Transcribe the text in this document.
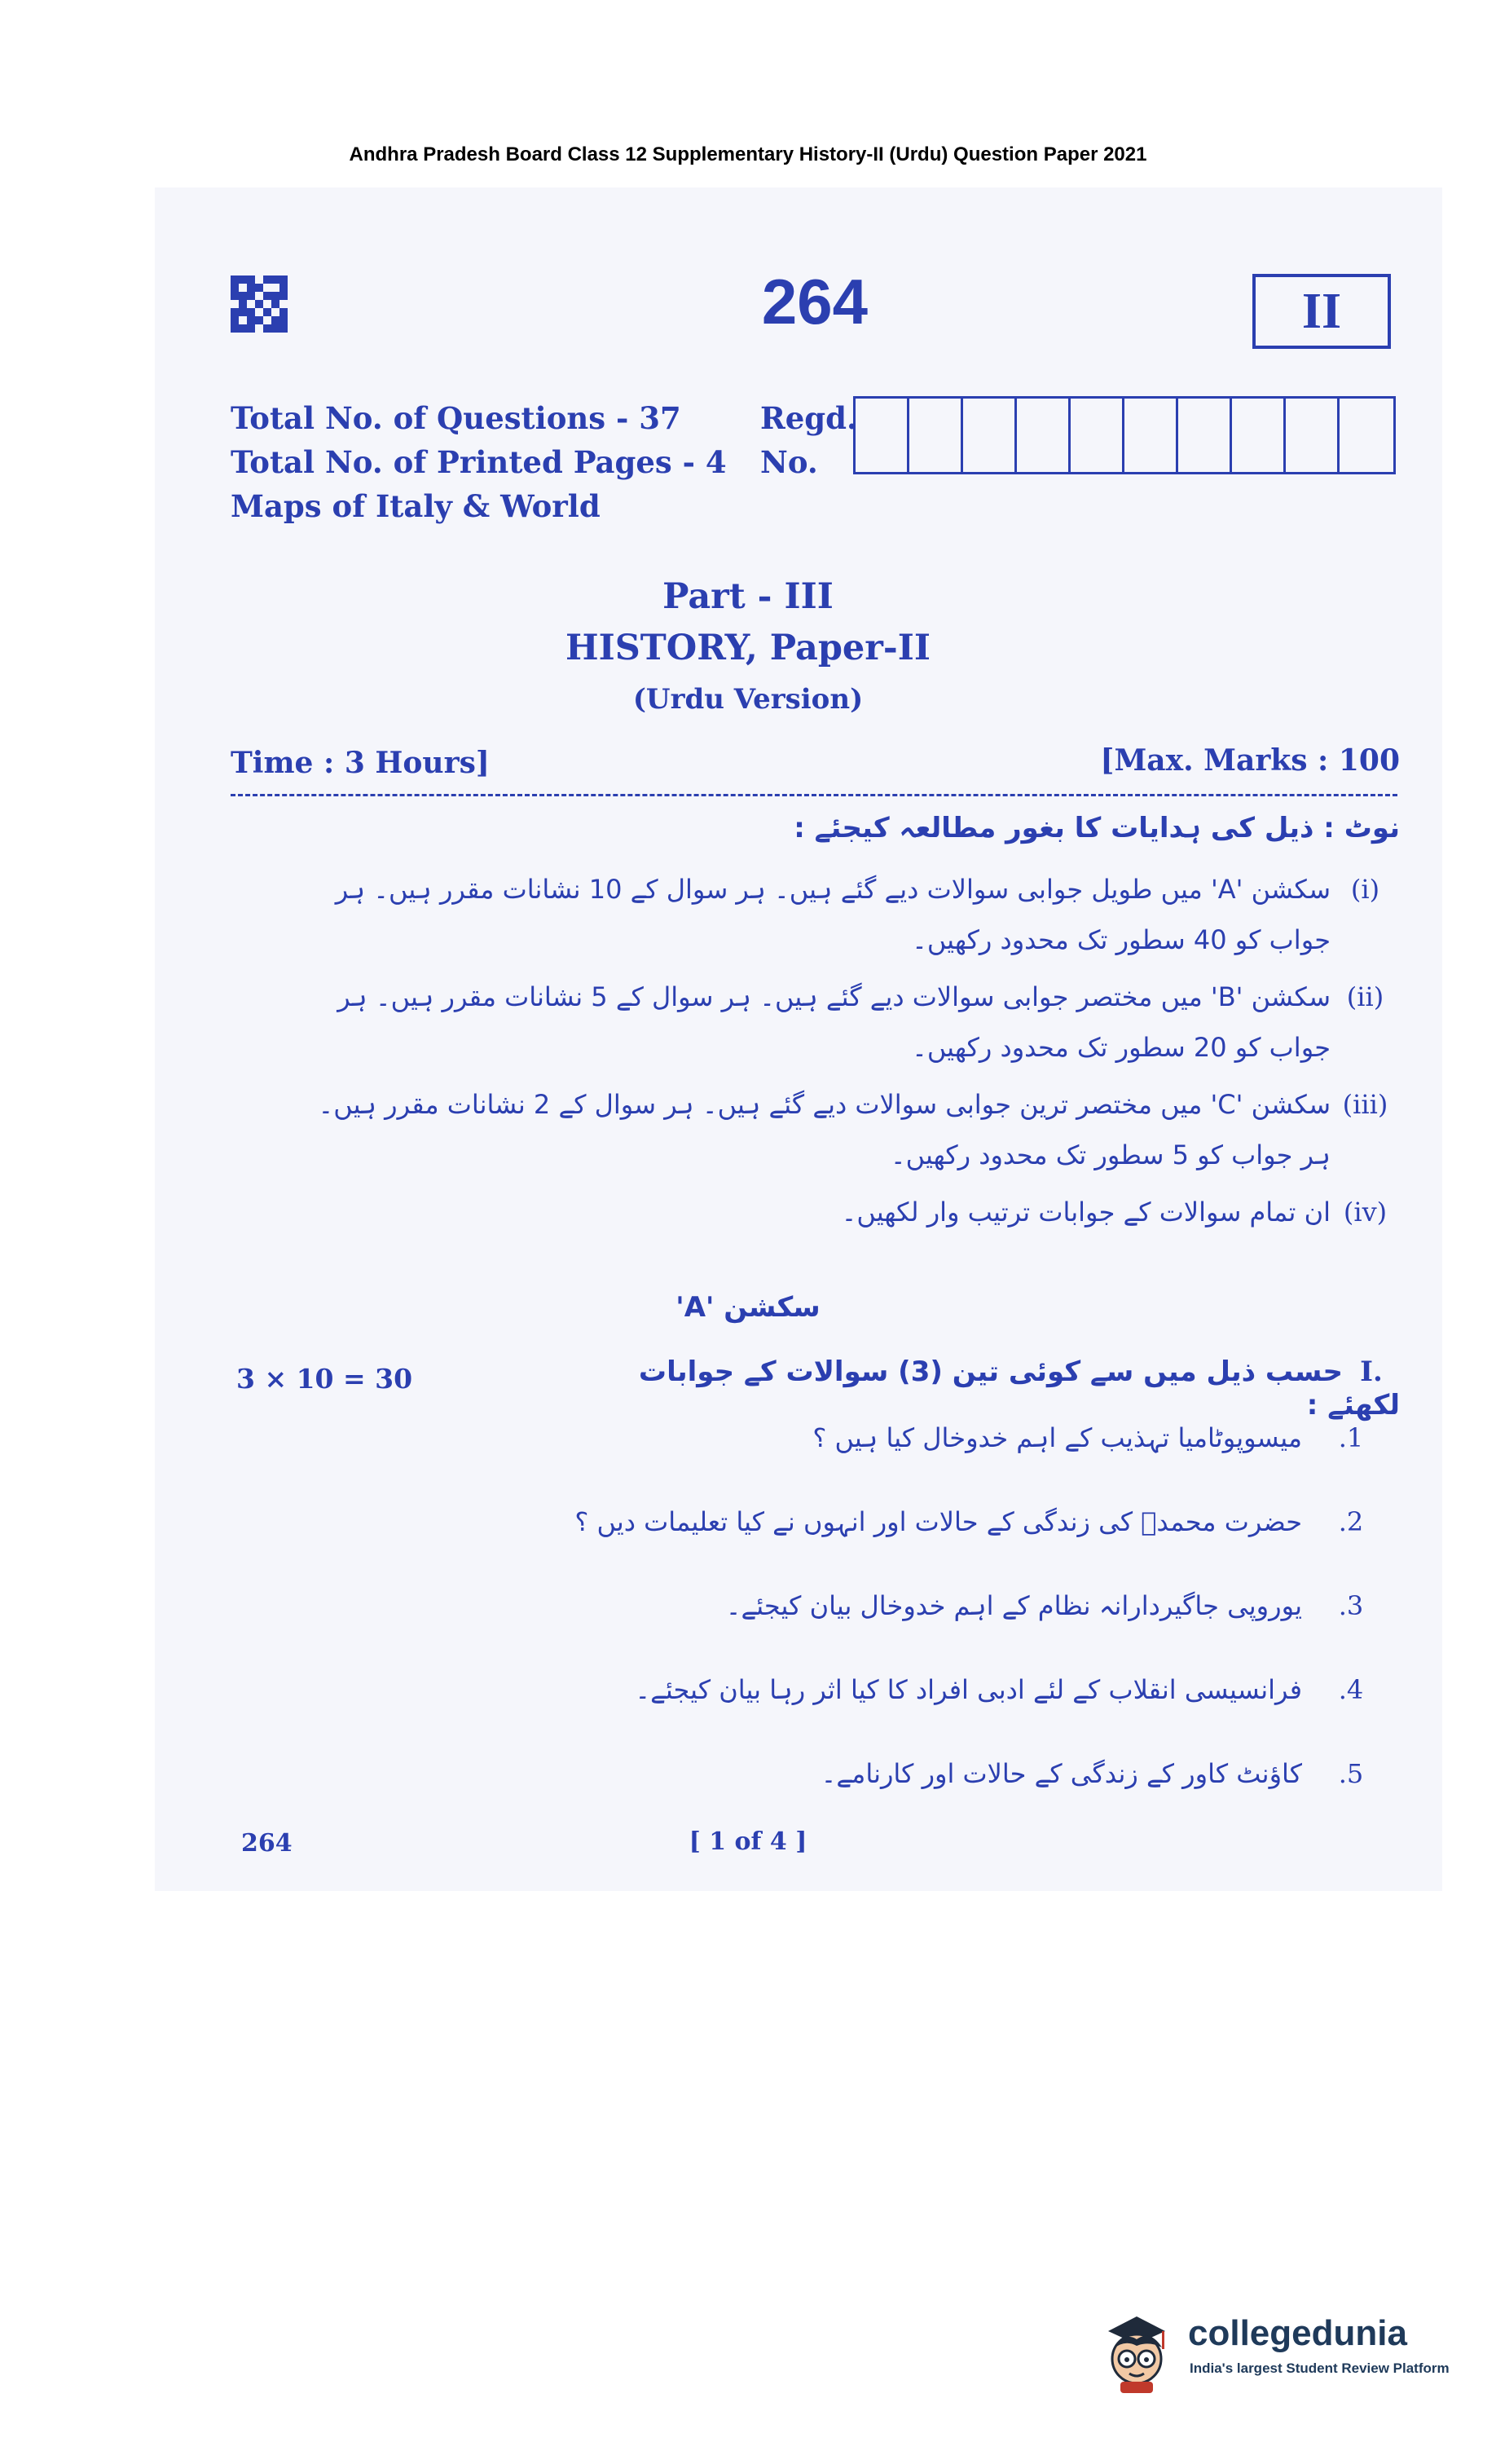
Andhra Pradesh Board Class 12 Supplementary History-II (Urdu) Question Paper 2021
264	II
Total No. of Questions - 37
Total No. of Printed Pages - 4
Maps of Italy & World
Regd.
No.
Part - III
HISTORY, Paper-II
(Urdu Version)
Time : 3 Hours]	[Max. Marks : 100
نوٹ : ذیل کی ہدایات کا بغور مطالعہ کیجئے :
(i)سکشن 'A' میں طویل جوابی سوالات دیے گئے ہیں۔ ہر سوال کے 10 نشانات مقرر ہیں۔ ہر جواب کو 40 سطور تک محدود رکھیں۔
(ii)سکشن 'B' میں مختصر جوابی سوالات دیے گئے ہیں۔ ہر سوال کے 5 نشانات مقرر ہیں۔ ہر جواب کو 20 سطور تک محدود رکھیں۔
(iii)سکشن 'C' میں مختصر ترین جوابی سوالات دیے گئے ہیں۔ ہر سوال کے 2 نشانات مقرر ہیں۔ ہر جواب کو 5 سطور تک محدود رکھیں۔
(iv)ان تمام سوالات کے جوابات ترتیب وار لکھیں۔
سکشن 'A'
I.حسب ذیل میں سے کوئی تین (3) سوالات کے جوابات لکھئے :
3 × 10 = 30
.1میسوپوٹامیا تہذیب کے اہم خدوخال کیا ہیں ؟
.2حضرت محمدؐ کی زندگی کے حالات اور انہوں نے کیا تعلیمات دیں ؟
.3یوروپی جاگیردارانہ نظام کے اہم خدوخال بیان کیجئے۔
.4فرانسیسی انقلاب کے لئے ادبی افراد کا کیا اثر رہا بیان کیجئے۔
.5کاؤنٹ کاور کے زندگی کے حالات اور کارنامے۔
264	[ 1 of 4 ]
collegedunia
India's largest Student Review Platform
